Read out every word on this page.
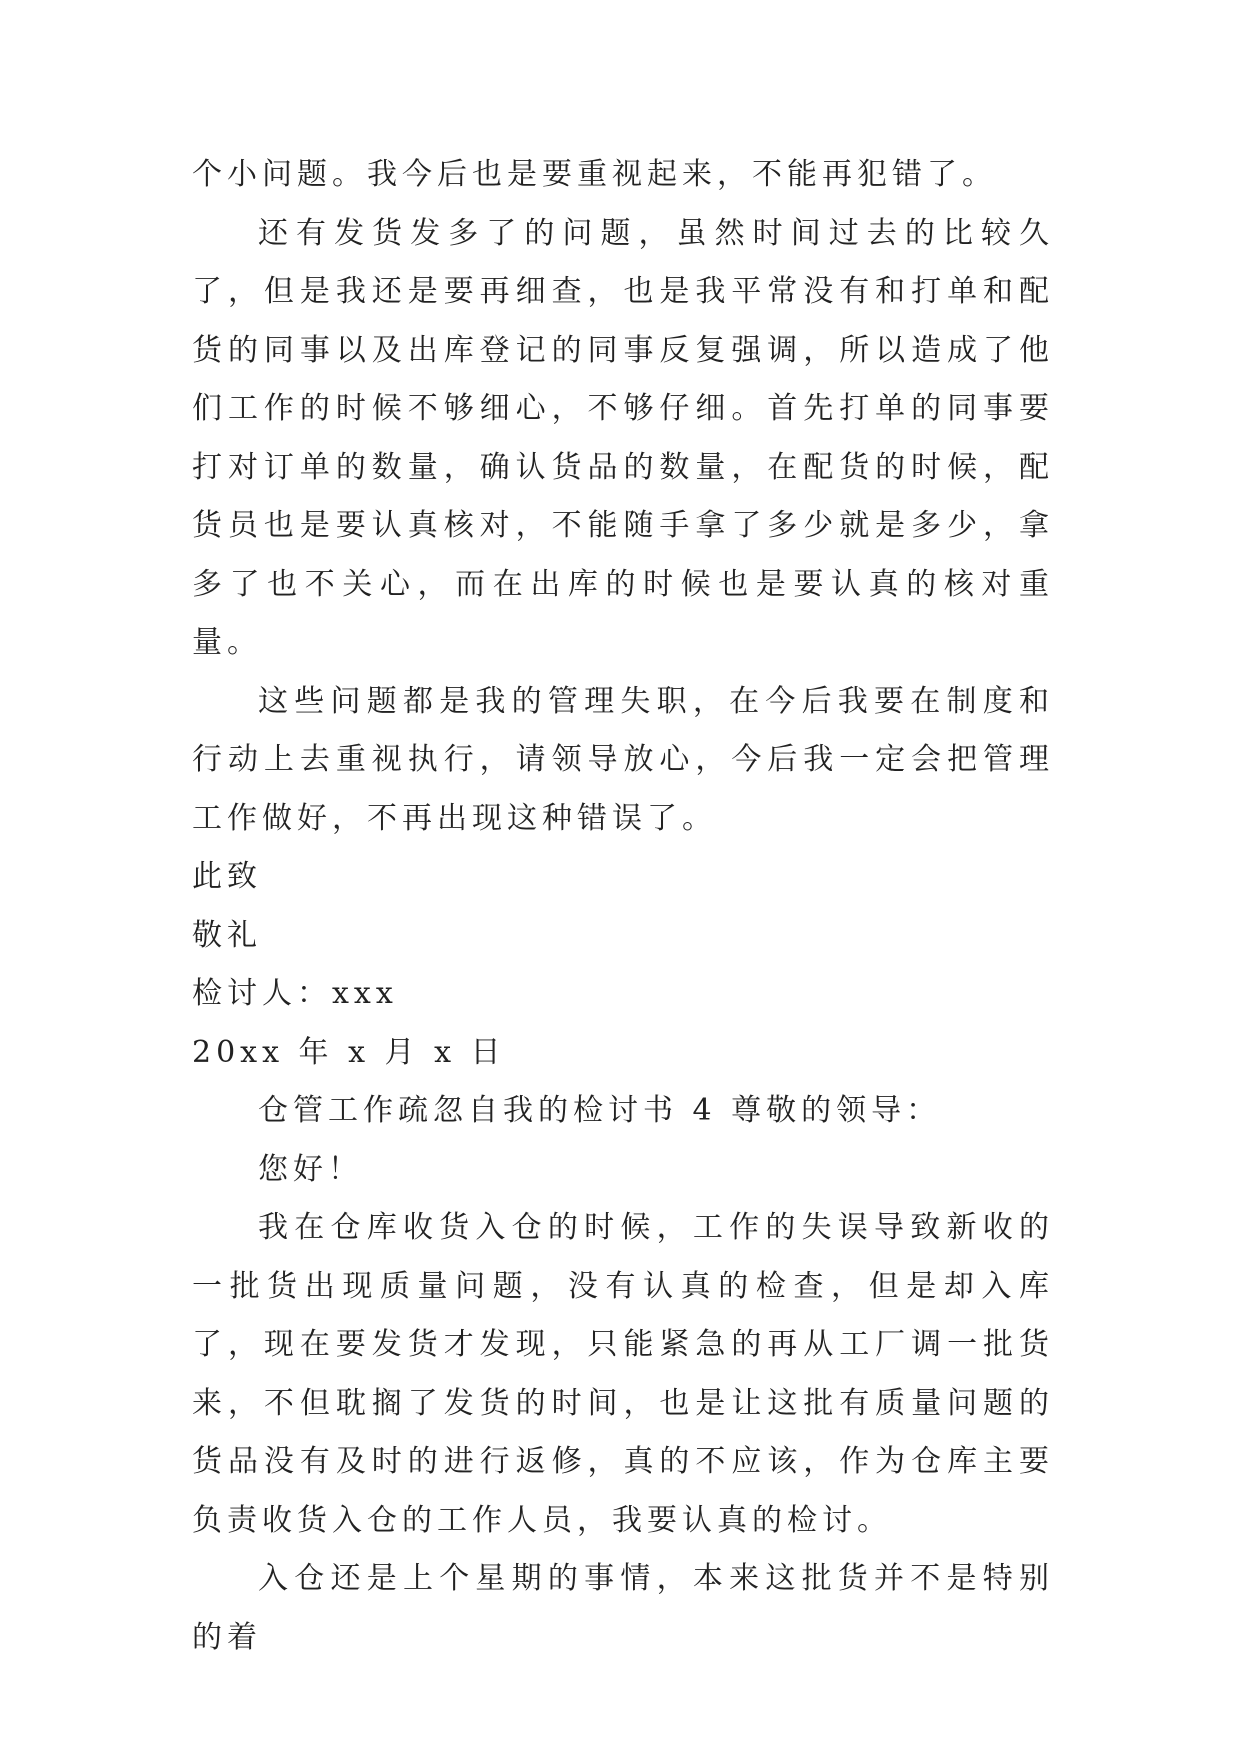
个小问题。我今后也是要重视起来，不能再犯错了。

还有发货发多了的问题，虽然时间过去的比较久了，但是我还是要再细查，也是我平常没有和打单和配货的同事以及出库登记的同事反复强调，所以造成了他们工作的时候不够细心，不够仔细。首先打单的同事要打对订单的数量，确认货品的数量，在配货的时候，配货员也是要认真核对，不能随手拿了多少就是多少，拿多了也不关心，而在出库的时候也是要认真的核对重量。

这些问题都是我的管理失职，在今后我要在制度和行动上去重视执行，请领导放心，今后我一定会把管理工作做好，不再出现这种错误了。

此致

敬礼

检讨人：xxx

20xx 年 x 月 x 日

仓管工作疏忽自我的检讨书 4 尊敬的领导：

您好！

我在仓库收货入仓的时候，工作的失误导致新收的一批货出现质量问题，没有认真的检查，但是却入库了，现在要发货才发现，只能紧急的再从工厂调一批货来，不但耽搁了发货的时间，也是让这批有质量问题的货品没有及时的进行返修，真的不应该，作为仓库主要负责收货入仓的工作人员，我要认真的检讨。

入仓还是上个星期的事情，本来这批货并不是特别的着
